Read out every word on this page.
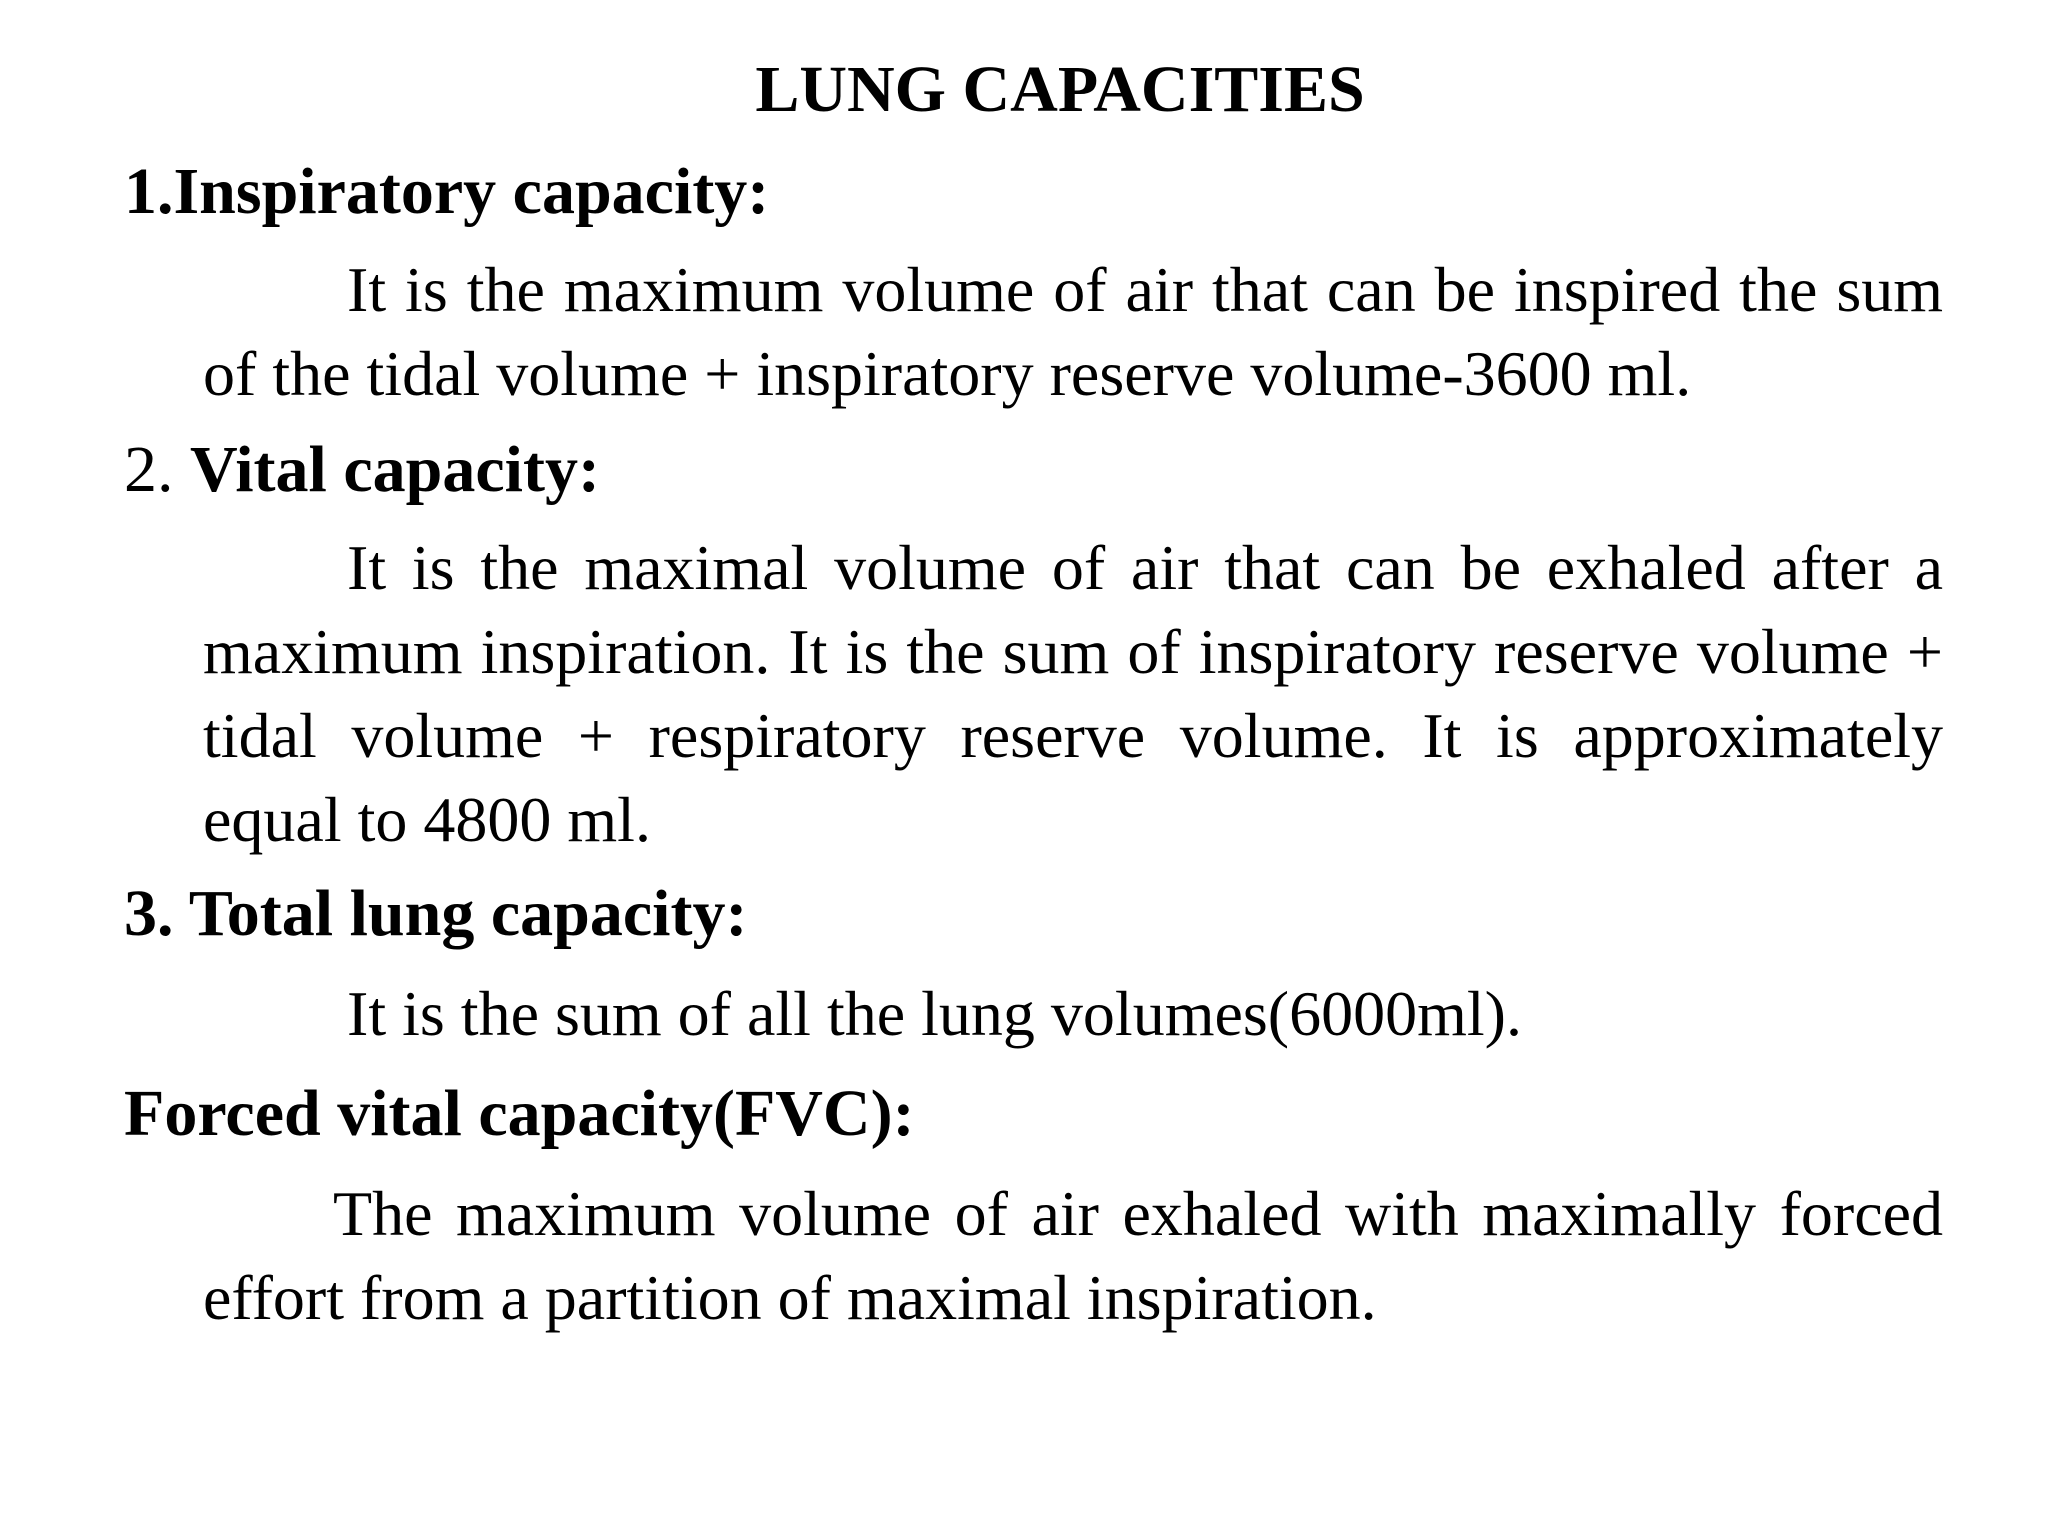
LUNG CAPACITIES

1.Inspiratory capacity:

It is the maximum volume of air that can be inspired the sum of the tidal volume + inspiratory reserve volume-3600 ml.

2. Vital capacity:

It is the maximal volume of air that can be exhaled after a maximum inspiration. It is the sum of inspiratory reserve volume + tidal volume + respiratory reserve volume. It is approximately equal to 4800 ml.

3. Total lung capacity:

It is the sum of all the lung volumes(6000ml).

Forced vital capacity(FVC):

The maximum volume of air exhaled with maximally forced effort from a partition of maximal inspiration.
